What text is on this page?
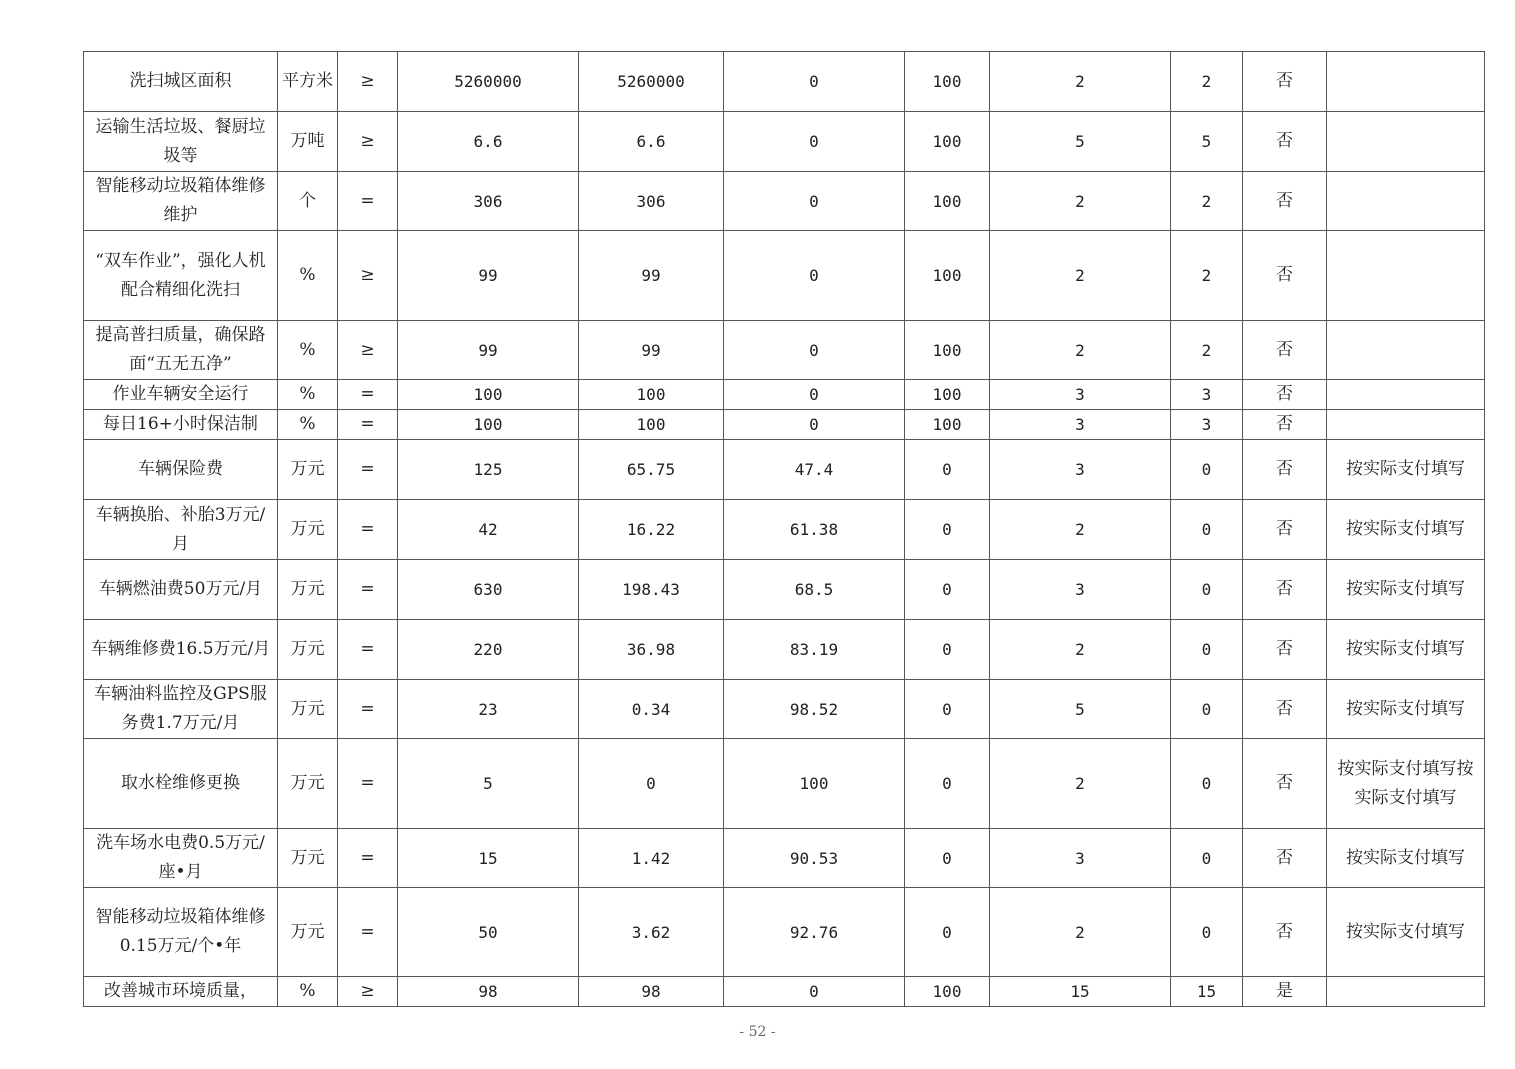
洗扫城区面积	平方米	≥	5260000	5260000	0	100	2	2	否	
运输生活垃圾、餐厨垃圾等	万吨	≥	6.6	6.6	0	100	5	5	否	
智能移动垃圾箱体维修维护	个	=	306	306	0	100	2	2	否	
“双车作业”，强化人机配合精细化洗扫	%	≥	99	99	0	100	2	2	否	
提高普扫质量，确保路面“五无五净”	%	≥	99	99	0	100	2	2	否	
作业车辆安全运行	%	=	100	100	0	100	3	3	否	
每日16+小时保洁制	%	=	100	100	0	100	3	3	否	
车辆保险费	万元	=	125	65.75	47.4	0	3	0	否	按实际支付填写
车辆换胎、补胎3万元/月	万元	=	42	16.22	61.38	0	2	0	否	按实际支付填写
车辆燃油费50万元/月	万元	=	630	198.43	68.5	0	3	0	否	按实际支付填写
车辆维修费16.5万元/月	万元	=	220	36.98	83.19	0	2	0	否	按实际支付填写
车辆油料监控及GPS服务费1.7万元/月	万元	=	23	0.34	98.52	0	5	0	否	按实际支付填写
取水栓维修更换	万元	=	5	0	100	0	2	0	否	按实际支付填写按实际支付填写
洗车场水电费0.5万元/座•月	万元	=	15	1.42	90.53	0	3	0	否	按实际支付填写
智能移动垃圾箱体维修0.15万元/个•年	万元	=	50	3.62	92.76	0	2	0	否	按实际支付填写
改善城市环境质量，	%	≥	98	98	0	100	15	15	是	
- 52 -
